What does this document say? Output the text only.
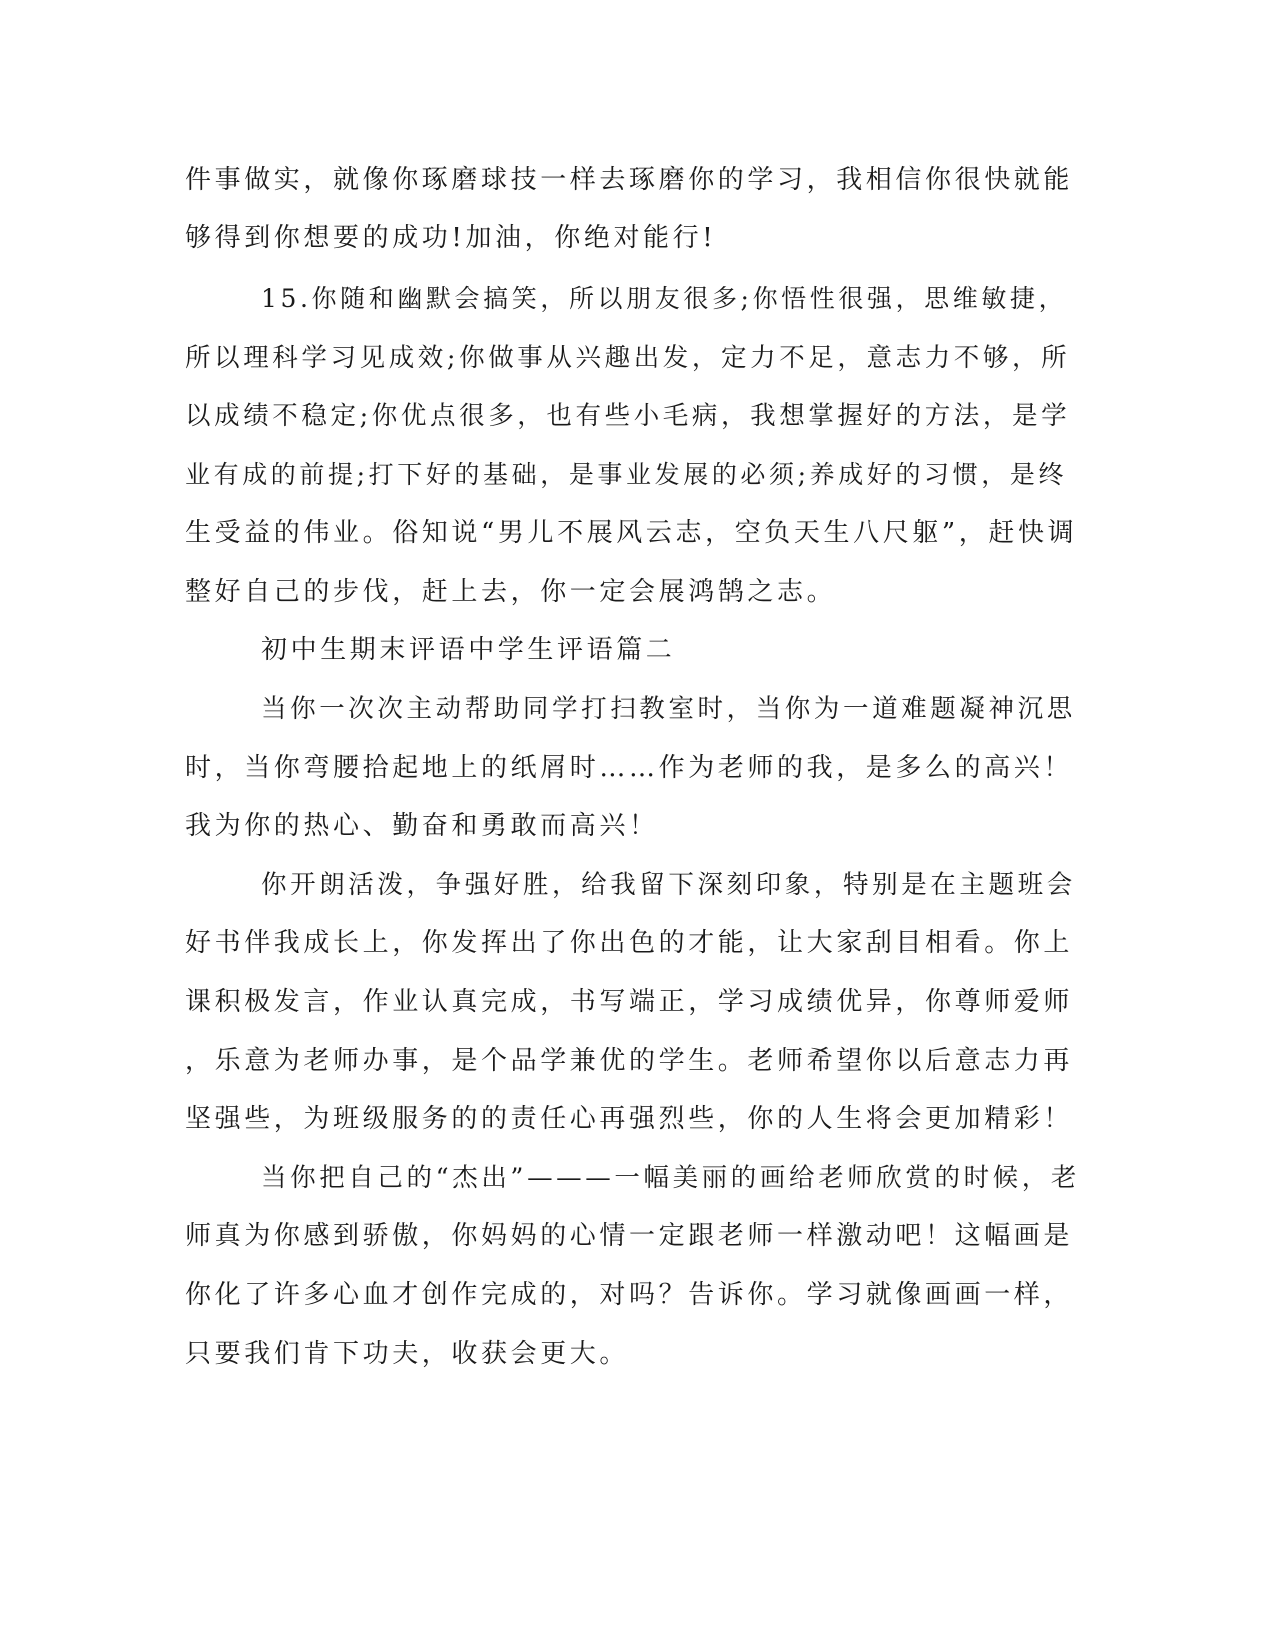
件事做实，就像你琢磨球技一样去琢磨你的学习，我相信你很快就能
够得到你想要的成功!加油，你绝对能行!
15.你随和幽默会搞笑，所以朋友很多;你悟性很强，思维敏捷，
所以理科学习见成效;你做事从兴趣出发，定力不足，意志力不够，所
以成绩不稳定;你优点很多，也有些小毛病，我想掌握好的方法，是学
业有成的前提;打下好的基础，是事业发展的必须;养成好的习惯，是终
生受益的伟业。俗知说“男儿不展风云志，空负天生八尺躯”，赶快调
整好自己的步伐，赶上去，你一定会展鸿鹄之志。
初中生期末评语中学生评语篇二
当你一次次主动帮助同学打扫教室时，当你为一道难题凝神沉思
时，当你弯腰拾起地上的纸屑时……作为老师的我，是多么的高兴！
我为你的热心、勤奋和勇敢而高兴！
你开朗活泼，争强好胜，给我留下深刻印象，特别是在主题班会
好书伴我成长上，你发挥出了你出色的才能，让大家刮目相看。你上
课积极发言，作业认真完成，书写端正，学习成绩优异，你尊师爱师
，乐意为老师办事，是个品学兼优的学生。老师希望你以后意志力再
坚强些，为班级服务的的责任心再强烈些，你的人生将会更加精彩！
当你把自己的“杰出”———一幅美丽的画给老师欣赏的时候，老
师真为你感到骄傲，你妈妈的心情一定跟老师一样激动吧！这幅画是
你化了许多心血才创作完成的，对吗？告诉你。学习就像画画一样，
只要我们肯下功夫，收获会更大。
